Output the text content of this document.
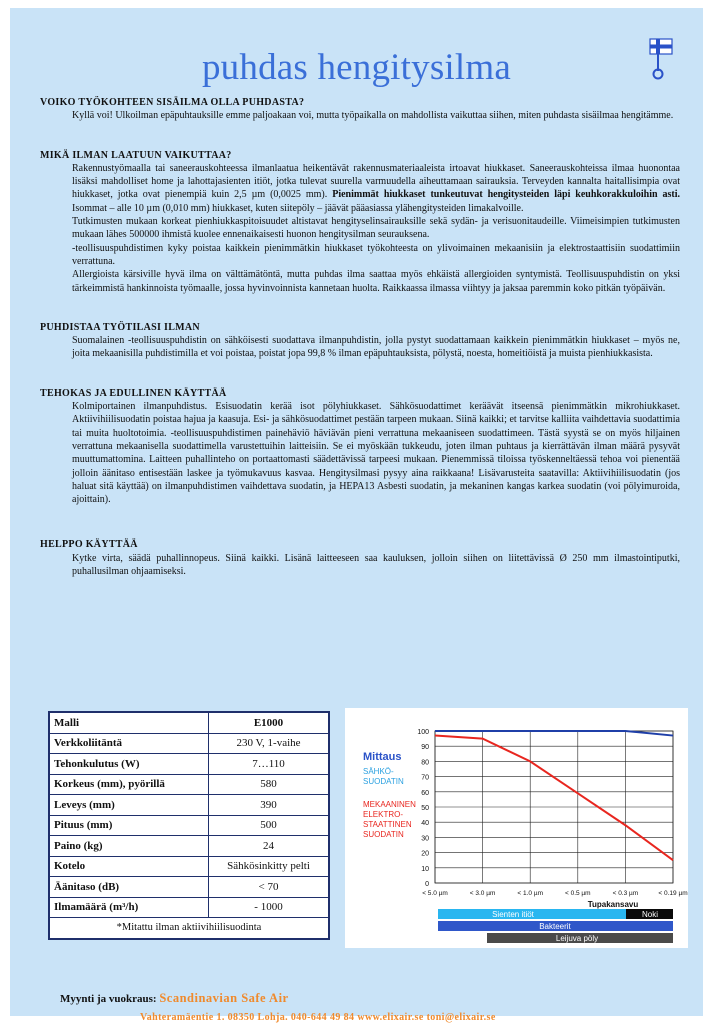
puhdas hengitysilma
VOIKO TYÖKOHTEEN SISÄILMA OLLA PUHDASTA?

Kyllä voi! Ulkoilman epäpuhtauksille emme paljoakaan voi, mutta työpaikalla on mahdollista vaikuttaa siihen, miten puhdasta sisäilmaa hengitämme.

MIKÄ ILMAN LAATUUN VAIKUTTAA?

Rakennustyömaalla tai saneerauskohteessa ilmanlaatua heikentävät rakennusmateriaaleista irtoavat hiukkaset. Saneerauskohteissa ilmaa huonontaa lisäksi mahdolliset home ja lahottajasienten itiöt, jotka tulevat suurella varmuudella aiheuttamaan sairauksia. Terveyden kannalta haitallisimpia ovat hiukkaset, jotka ovat pienempiä kuin 2,5 µm (0,0025 mm). Pienimmät hiukkaset tunkeutuvat hengitysteiden läpi keuhkorakkuloihin asti. Isommat – alle 10 µm (0,010 mm) hiukkaset, kuten siitepöly – jäävät pääasiassa ylähengitysteiden limakalvoille.

Tutkimusten mukaan korkeat pienhiukkaspitoisuudet altistavat hengityselinsairauksille sekä sydän- ja verisuonitaudeille. Viimeisimpien tutkimusten mukaan lähes 500000 ihmistä kuolee ennenaikaisesti huonon hengitysilman seurauksena.

-teollisuuspuhdistimen kyky poistaa kaikkein pienimmätkin hiukkaset työkohteesta on ylivoimainen mekaanisiin ja elektrostaattisiin suodattimiin verrattuna.

Allergioista kärsiville hyvä ilma on välttämätöntä, mutta puhdas ilma saattaa myös ehkäistä allergioiden syntymistä. Teollisuuspuhdistin on yksi tärkeimmistä hankinnoista työmaalle, jossa hyvinvoinnista kannetaan huolta. Raikkaassa ilmassa viihtyy ja jaksaa paremmin koko pitkän työpäivän.

PUHDISTAA TYÖTILASI ILMAN

Suomalainen -teollisuuspuhdistin on sähköisesti suodattava ilmanpuhdistin, jolla pystyt suodattamaan kaikkein pienimmätkin hiukkaset – myös ne, joita mekaanisilla puhdistimilla et voi poistaa, poistat jopa 99,8 % ilman epäpuhtauksista, pölystä, noesta, homeitiöistä ja muista pienhiukkasista.

TEHOKAS JA EDULLINEN KÄYTTÄÄ

Kolmiportainen ilmanpuhdistus. Esisuodatin kerää isot pölyhiukkaset. Sähkösuodattimet keräävät itseensä pienimmätkin mikrohiukkaset. Aktiivihiilisuodatin poistaa hajua ja kaasuja. Esi- ja sähkösuodattimet pestään tarpeen mukaan. Siinä kaikki; et tarvitse kalliita vaihdettavia suodattimia tai muita huoltotoimia. -teollisuuspuhdistimen painehäviö häviävän pieni verrattuna mekaaniseen suodattimeen. Tästä syystä se on myös hiljainen verrattuna mekaanisella suodattimella varustettuihin laitteisiin. Se ei myöskään tukkeudu, joten ilman puhtaus ja kierrättävän ilman määrä pysyvät muuttumattomina. Laitteen puhallinteho on portaattomasti säädettävissä tarpeesi mukaan. Pienemmissä tiloissa työskenneltäessä tehoa voi pienentää jolloin äänitaso entisestään laskee ja työmukavuus kasvaa. Hengitysilmasi pysyy aina raikkaana! Lisävarusteita saatavilla: Aktiivihiilisuodatin (jos haluat sitä käyttää) on ilmanpuhdistimen vaihdettava suodatin, ja HEPA13 Asbesti suodatin, ja mekaninen kangas karkea suodatin (voi pölyimuroida, ajoittain).

HELPPO KÄYTTÄÄ

Kytke virta, säädä puhallinnopeus. Siinä kaikki. Lisänä laitteeseen saa kauluksen, jolloin siihen on liitettävissä Ø 250 mm ilmastointiputki, puhallusilman ohjaamiseksi.

Malli	E1000
Verkkoliitäntä	230 V, 1-vaihe
Tehonkulutus (W)	7…110
Korkeus (mm), pyörillä	580
Leveys (mm)	390
Pituus (mm)	500
Paino (kg)	24
Kotelo	Sähkösinkitty pelti
Äänitaso (dB)	< 70
Ilmamäärä (m³/h)	- 1000
*Mitattu ilman aktiivihiilisuodinta	
0
10
20
30
40
50
60
70
80
90
100
< 5.0 µm	< 3.0 µm	< 1.0 µm	< 0.5 µm	< 0.3 µm	< 0.19 µm
Mittaus
SÄHKÖ-
SUODATIN
MEKAANINEN
ELEKTRO-
STAATTINEN
SUODATIN
Tupakansavu
Sienten itiöt	Noki
Bakteerit
Leijuva pöly
Myynti ja vuokraus: Scandinavian Safe Air
Vahteramäentie 1. 08350 Lohja. 040-644 49 84 www.elixair.se toni@elixair.se
